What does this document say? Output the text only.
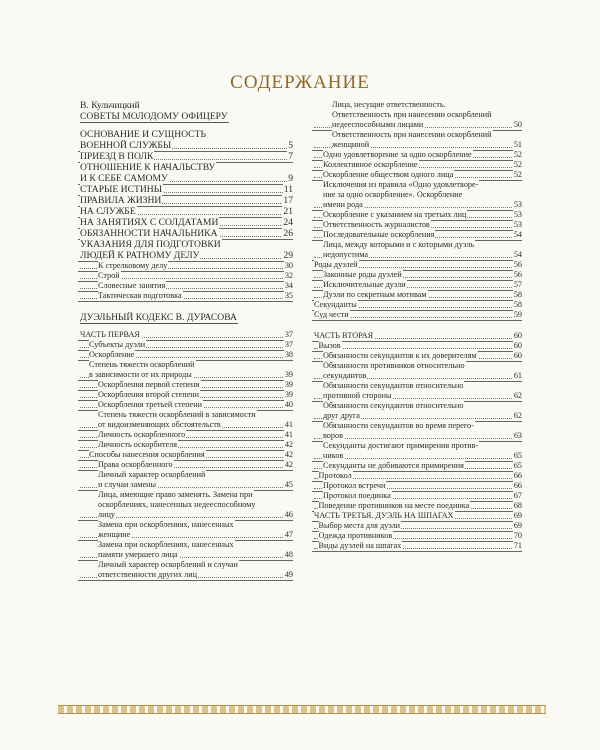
СОДЕРЖАНИЕ
В. Кульчицкий
СОВЕТЫ МОЛОДОМУ ОФИЦЕРУ
ОСНОВАНИЕ И СУЩНОСТЬ
ВОЕННОЙ СЛУЖБЫ	5
ПРИЕЗД В ПОЛК	7
ОТНОШЕНИЕ К НАЧАЛЬСТВУ
И К СЕБЕ САМОМУ	9
СТАРЫЕ ИСТИНЫ	11
ПРАВИЛА ЖИЗНИ	17
НА СЛУЖБЕ	21
НА ЗАНЯТИЯХ С СОЛДАТАМИ	24
ОБЯЗАННОСТИ НАЧАЛЬНИКА	26
УКАЗАНИЯ ДЛЯ ПОДГОТОВКИ
ЛЮДЕЙ К РАТНОМУ ДЕЛУ	29
К стрелковому делу	30
Строй	32
Словесные занятия	34
Тактическая подготовка	35
ДУЭЛЬНЫЙ КОДЕКС В. ДУРАСОВА
ЧАСТЬ ПЕРВАЯ	37
Субъекты дуэли	37
Оскорбление	38
Степень тяжести оскорблений
в зависимости от их природы	39
Оскорбления первой степени	39
Оскорбления второй степени	39
Оскорбления третьей степени	40
Степень тяжести оскорблений в зависимости
от видоизменяющих обстоятельств	41
Личность оскорбленного	41
Личность оскорбителя	42
Способы нанесения оскорбления	42
Права оскорбленного	42
Личный характер оскорблений
и случаи замены	45
Лица, имеющие право заменять. Замена при
оскорблениях, нанесенных недееспособному
лицу	46
Замена при оскорблениях, нанесенных
женщине	47
Замена при оскорблениях, нанесенных
памяти умершего лица	48
Личный характер оскорблений и случаи
ответственности других лиц	49
Лица, несущие ответственность.
Ответственность при нанесении оскорблений
недееспособными лицами	50
Ответственность при нанесении оскорблений
женщиной	51
Одно удовлетворение за одно оскорбление	52
Коллективное оскорбление	52
Оскорбление обществом одного лица	52
Исключения из правила «Одно удовлетворе-
ние за одно оскорбление». Оскорбление
имени рода	53
Оскорбление с указанием на третьих лиц	53
Ответственность журналистов	53
Последовательные оскорбления	54
Лица, между которыми и с которыми дуэль
недопустима	54
Роды дуэлей	56
Законные роды дуэлей	56
Исключительные дуэли	57
Дуэли по секретным мотивам	58
Секунданты	58
Суд чести	59
ЧАСТЬ ВТОРАЯ	60
Вызов	60
Обязанности секундантов к их доверителям	60
Обязанности противников относительно
секундантов	61
Обязанности секундантов относительно
противной стороны	62
Обязанности секундантов относительно
друг друга	62
Обязанности секундантов во время перего-
воров	63
Секунданты достигают примирения против-
ников	65
Секунданты не добиваются примирения	65
Протокол	66
Протокол встречи	66
Протокол поединка	67
Поведение противников на месте поединка	68
ЧАСТЬ ТРЕТЬЯ. ДУЭЛЬ НА ШПАГАХ	69
Выбор места для дуэли	69
Одежда противников	70
Виды дуэлей на шпагах	71
